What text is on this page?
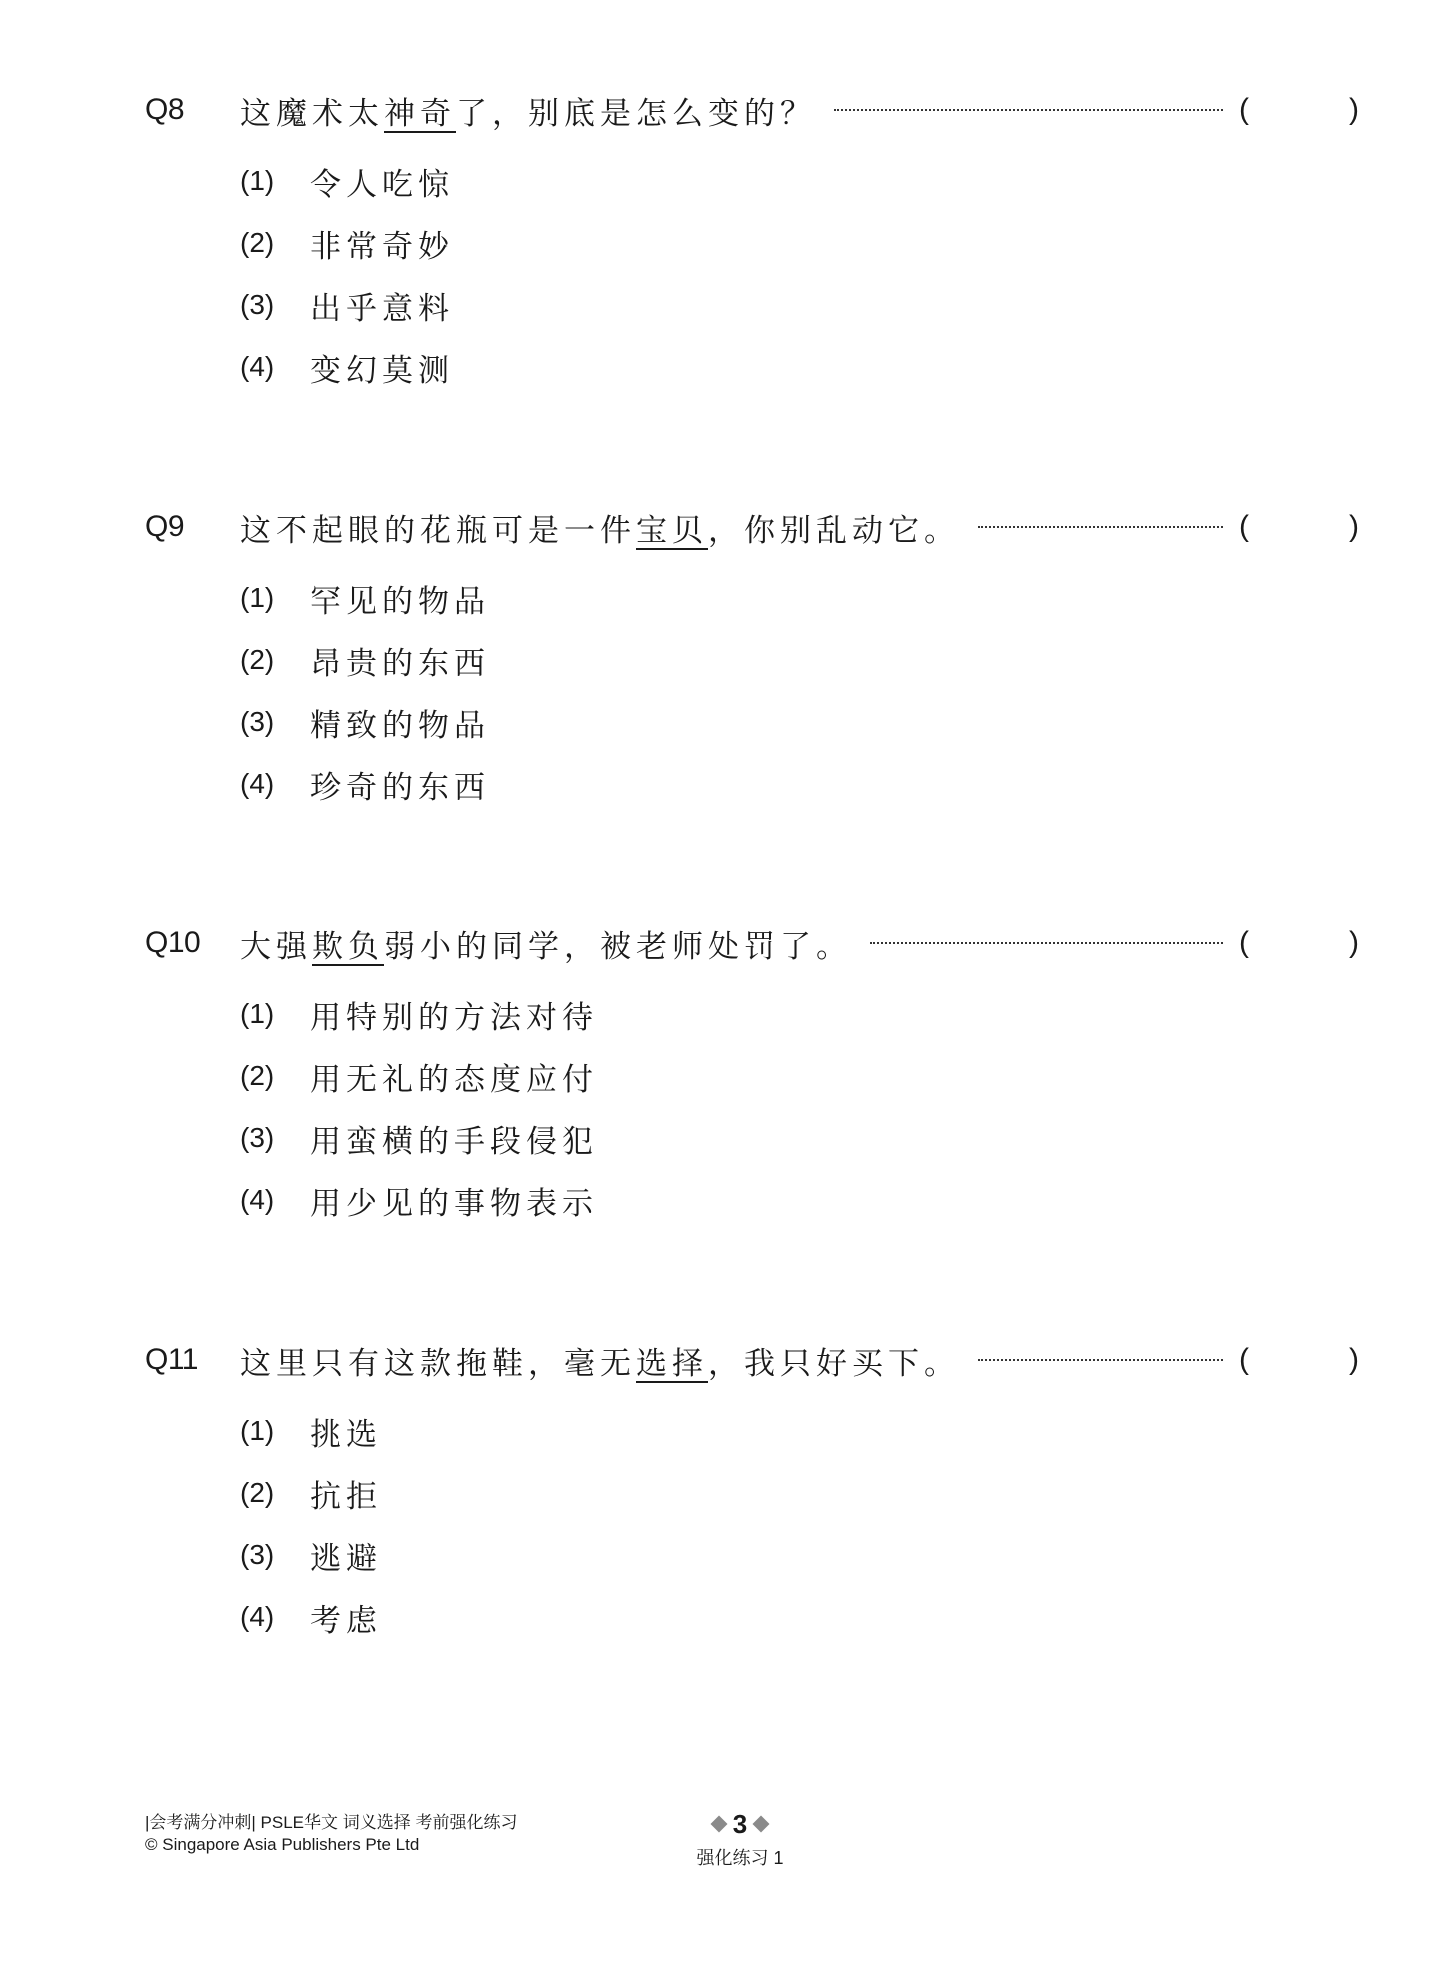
Q8	这魔术太神奇了，别底是怎么变的？	(	)
(1)	令人吃惊
(2)	非常奇妙
(3)	出乎意料
(4)	变幻莫测
Q9	这不起眼的花瓶可是一件宝贝，你别乱动它。	(	)
(1)	罕见的物品
(2)	昂贵的东西
(3)	精致的物品
(4)	珍奇的东西
Q10	大强欺负弱小的同学，被老师处罚了。	(	)
(1)	用特别的方法对待
(2)	用无礼的态度应付
(3)	用蛮横的手段侵犯
(4)	用少见的事物表示
Q11	这里只有这款拖鞋，毫无选择，我只好买下。	(	)
(1)	挑选
(2)	抗拒
(3)	逃避
(4)	考虑
|会考满分冲刺| PSLE华文 词义选择 考前强化练习
© Singapore Asia Publishers Pte Ltd
3
强化练习 1
